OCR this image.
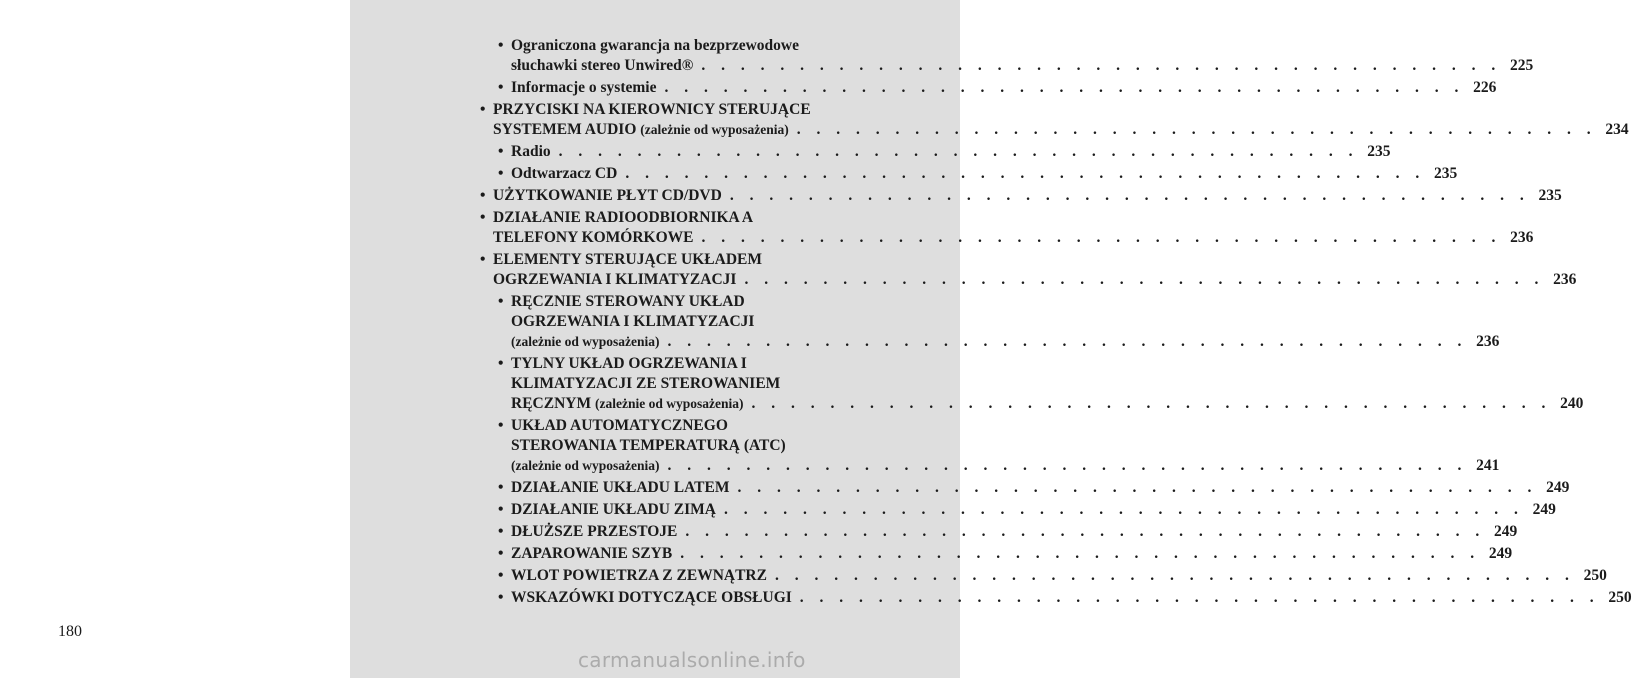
180
• Ograniczona gwarancja na bezprzewodowe
słuchawki stereo Unwired® . . . . . . . . . . . . . . . . . . . . . . . . . . . . . . . . . . . . . . . . . 225
• Informacje o systemie . . . . . . . . . . . . . . . . . . . . . . . . . . . . . . . . . . . . . . . . . 226
• PRZYCISKI NA KIEROWNICY STERUJĄCE
SYSTEMEM AUDIO (zależnie od wyposażenia) . . . . . . . . . . . . . . . . . . . . . . . . . . . . . . . . . . . . . . . . . 234
• Radio . . . . . . . . . . . . . . . . . . . . . . . . . . . . . . . . . . . . . . . . . 235
• Odtwarzacz CD . . . . . . . . . . . . . . . . . . . . . . . . . . . . . . . . . . . . . . . . . 235
• UŻYTKOWANIE PŁYT CD/DVD . . . . . . . . . . . . . . . . . . . . . . . . . . . . . . . . . . . . . . . . . 235
• DZIAŁANIE RADIOODBIORNIKA A
TELEFONY KOMÓRKOWE . . . . . . . . . . . . . . . . . . . . . . . . . . . . . . . . . . . . . . . . . 236
• ELEMENTY STERUJĄCE UKŁADEM
OGRZEWANIA I KLIMATYZACJI . . . . . . . . . . . . . . . . . . . . . . . . . . . . . . . . . . . . . . . . . 236
• RĘCZNIE STEROWANY UKŁAD
OGRZEWANIA I KLIMATYZACJI
(zależnie od wyposażenia) . . . . . . . . . . . . . . . . . . . . . . . . . . . . . . . . . . . . . . . . . 236
• TYLNY UKŁAD OGRZEWANIA I
KLIMATYZACJI ZE STEROWANIEM
RĘCZNYM (zależnie od wyposażenia) . . . . . . . . . . . . . . . . . . . . . . . . . . . . . . . . . . . . . . . . . 240
• UKŁAD AUTOMATYCZNEGO
STEROWANIA TEMPERATURĄ (ATC)
(zależnie od wyposażenia) . . . . . . . . . . . . . . . . . . . . . . . . . . . . . . . . . . . . . . . . . 241
• DZIAŁANIE UKŁADU LATEM . . . . . . . . . . . . . . . . . . . . . . . . . . . . . . . . . . . . . . . . . 249
• DZIAŁANIE UKŁADU ZIMĄ . . . . . . . . . . . . . . . . . . . . . . . . . . . . . . . . . . . . . . . . . 249
• DŁUŻSZE PRZESTOJE . . . . . . . . . . . . . . . . . . . . . . . . . . . . . . . . . . . . . . . . . 249
• ZAPAROWANIE SZYB . . . . . . . . . . . . . . . . . . . . . . . . . . . . . . . . . . . . . . . . . 249
• WLOT POWIETRZA Z ZEWNĄTRZ . . . . . . . . . . . . . . . . . . . . . . . . . . . . . . . . . . . . . . . . . 250
• WSKAZÓWKI DOTYCZĄCE OBSŁUGI . . . . . . . . . . . . . . . . . . . . . . . . . . . . . . . . . . . . . . . . . 250
carmanualsonline.info
